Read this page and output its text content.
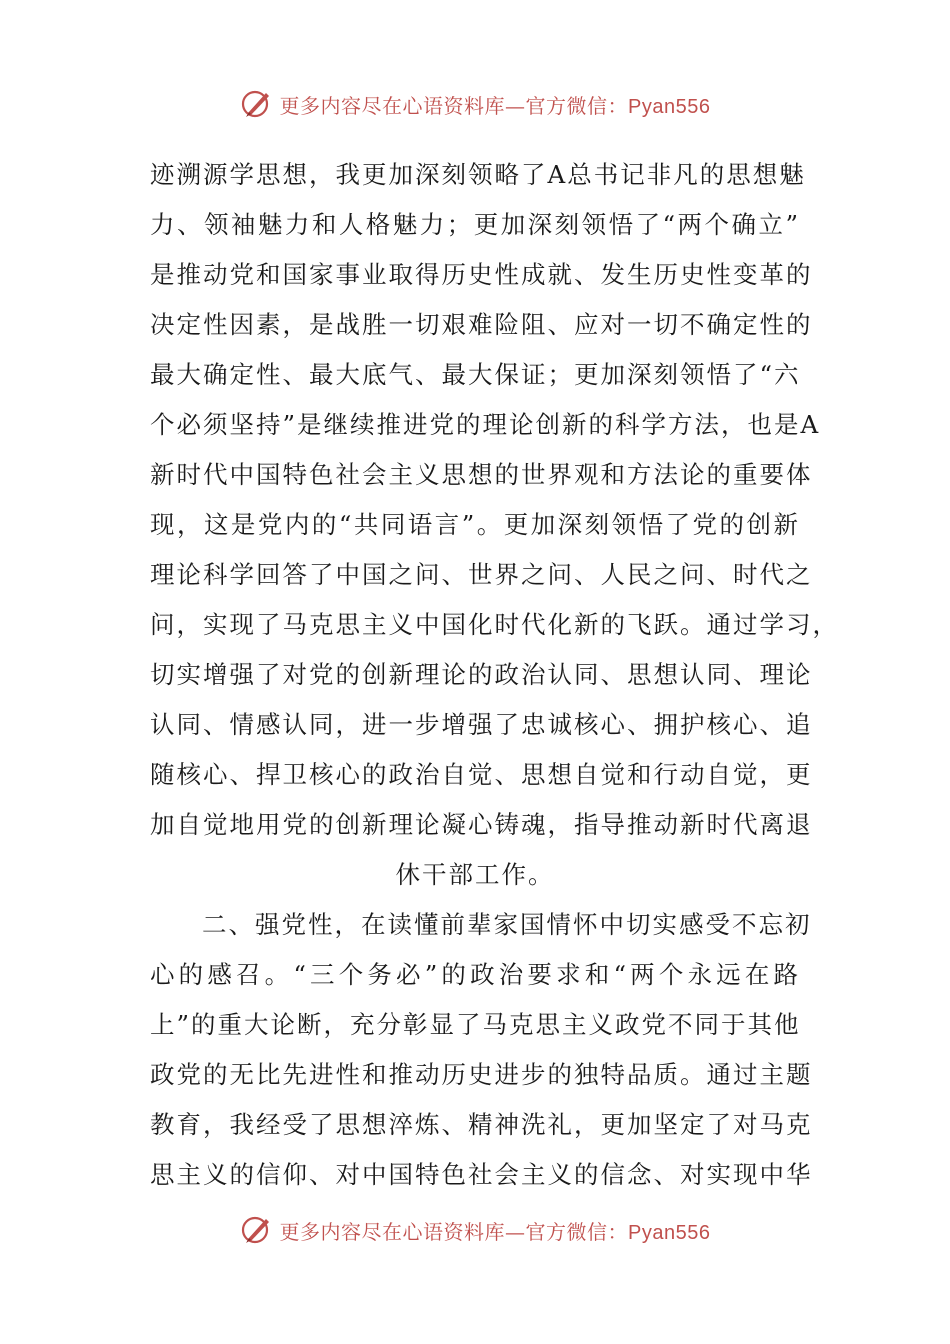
更多内容尽在心语资料库—官方微信：Pyan556
迹溯源学思想，我更加深刻领略了A总书记非凡的思想魅
力、领袖魅力和人格魅力；更加深刻领悟了“两个确立”
是推动党和国家事业取得历史性成就、发生历史性变革的
决定性因素，是战胜一切艰难险阻、应对一切不确定性的
最大确定性、最大底气、最大保证；更加深刻领悟了“六
个必须坚持”是继续推进党的理论创新的科学方法，也是A
新时代中国特色社会主义思想的世界观和方法论的重要体
现，这是党内的“共同语言”。更加深刻领悟了党的创新
理论科学回答了中国之问、世界之问、人民之问、时代之
问，实现了马克思主义中国化时代化新的飞跃。通过学习，
切实增强了对党的创新理论的政治认同、思想认同、理论
认同、情感认同，进一步增强了忠诚核心、拥护核心、追
随核心、捍卫核心的政治自觉、思想自觉和行动自觉，更
加自觉地用党的创新理论凝心铸魂，指导推动新时代离退
休干部工作。
二、强党性，在读懂前辈家国情怀中切实感受不忘初
心的感召。“三个务必”的政治要求和“两个永远在路
上”的重大论断，充分彰显了马克思主义政党不同于其他
政党的无比先进性和推动历史进步的独特品质。通过主题
教育，我经受了思想淬炼、精神洗礼，更加坚定了对马克
思主义的信仰、对中国特色社会主义的信念、对实现中华
更多内容尽在心语资料库—官方微信：Pyan556
